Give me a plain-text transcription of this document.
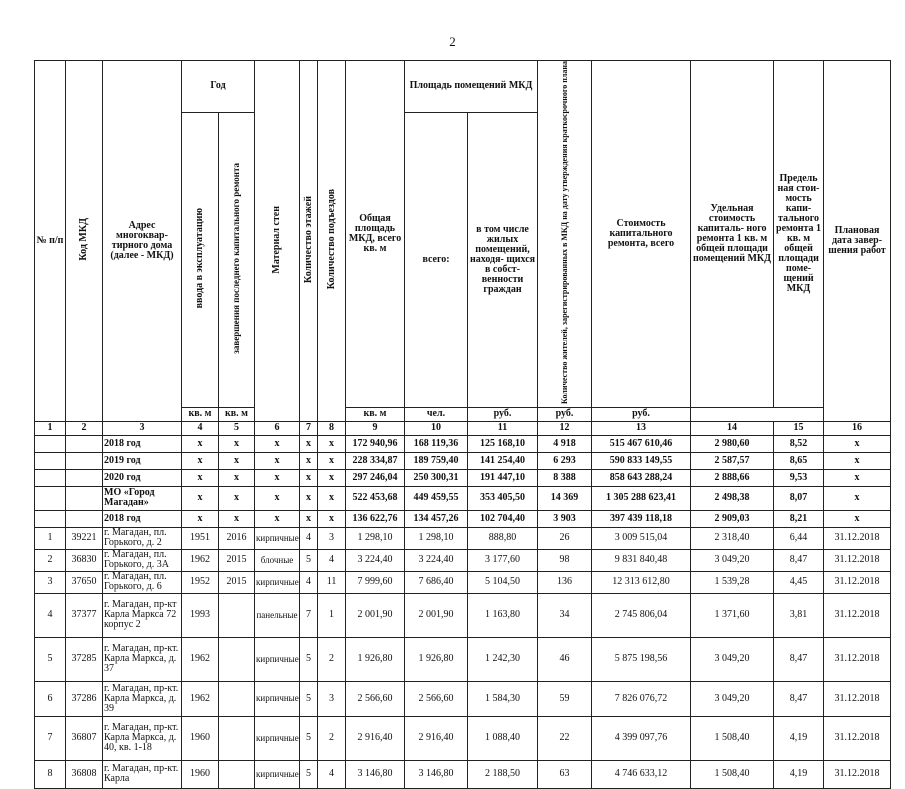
2
№ п/п	Код МКД	Адрес многоквар- тирного дома (далее - МКД)	Год		Материал стен	Количество этажей	Количество подъездов	Общая площадь МКД, всего кв. м	Площадь помещений МКД		Количество жителей, зарегистрированных в МКД на дату утверждения краткосрочного плана	Стоимость капитального ремонта, всего	Удельная стоимость капиталь- ного ремонта 1 кв. м общей площади помещений МКД	Предель ная стои- мость капи- тального ремонта 1 кв. м общей площади поме- щений МКД	Плановая дата завер- шения работ
			ввода в эксплуатацию	завершения последнего капитального ремонта					всего:	в том числе жилых помещений, находя- щихся в собст- венности граждан					
			кв. м	кв. м				кв. м	чел.	руб.	руб.	руб.			
1	2	3	4	5	6	7	8	9	10	11	12	13	14	15	16
		2018 год	х	х	х	х	х	172 940,96	168 119,36	125 168,10	4 918	515 467 610,46	2 980,60	8,52	х
		2019 год	х	х	х	х	х	228 334,87	189 759,40	141 254,40	6 293	590 833 149,55	2 587,57	8,65	х
		2020 год	х	х	х	х	х	297 246,04	250 300,31	191 447,10	8 388	858 643 288,24	2 888,66	9,53	х
		МО «Город Магадан»	х	х	х	х	х	522 453,68	449 459,55	353 405,50	14 369	1 305 288 623,41	2 498,38	8,07	х
		2018 год	х	х	х	х	х	136 622,76	134 457,26	102 704,40	3 903	397 439 118,18	2 909,03	8,21	х
1	39221	г. Магадан, пл. Горького, д. 2	1951	2016	кирпичные	4	3	1 298,10	1 298,10	888,80	26	3 009 515,04	2 318,40	6,44	31.12.2018
2	36830	г. Магадан, пл. Горького, д. 3А	1962	2015	блочные	5	4	3 224,40	3 224,40	3 177,60	98	9 831 840,48	3 049,20	8,47	31.12.2018
3	37650	г. Магадан, пл. Горького, д. 6	1952	2015	кирпичные	4	11	7 999,60	7 686,40	5 104,50	136	12 313 612,80	1 539,28	4,45	31.12.2018
4	37377	г. Магадан, пр-кт Карла Маркса 72 корпус 2	1993		панельные	7	1	2 001,90	2 001,90	1 163,80	34	2 745 806,04	1 371,60	3,81	31.12.2018
5	37285	г. Магадан, пр-кт. Карла Маркса, д. 37	1962		кирпичные	5	2	1 926,80	1 926,80	1 242,30	46	5 875 198,56	3 049,20	8,47	31.12.2018
6	37286	г. Магадан, пр-кт. Карла Маркса, д. 39	1962		кирпичные	5	3	2 566,60	2 566,60	1 584,30	59	7 826 076,72	3 049,20	8,47	31.12.2018
7	36807	г. Магадан, пр-кт. Карла Маркса, д. 40, кв. 1-18	1960		кирпичные	5	2	2 916,40	2 916,40	1 088,40	22	4 399 097,76	1 508,40	4,19	31.12.2018
8	36808	г. Магадан, пр-кт. Карла	1960		кирпичные	5	4	3 146,80	3 146,80	2 188,50	63	4 746 633,12	1 508,40	4,19	31.12.2018
